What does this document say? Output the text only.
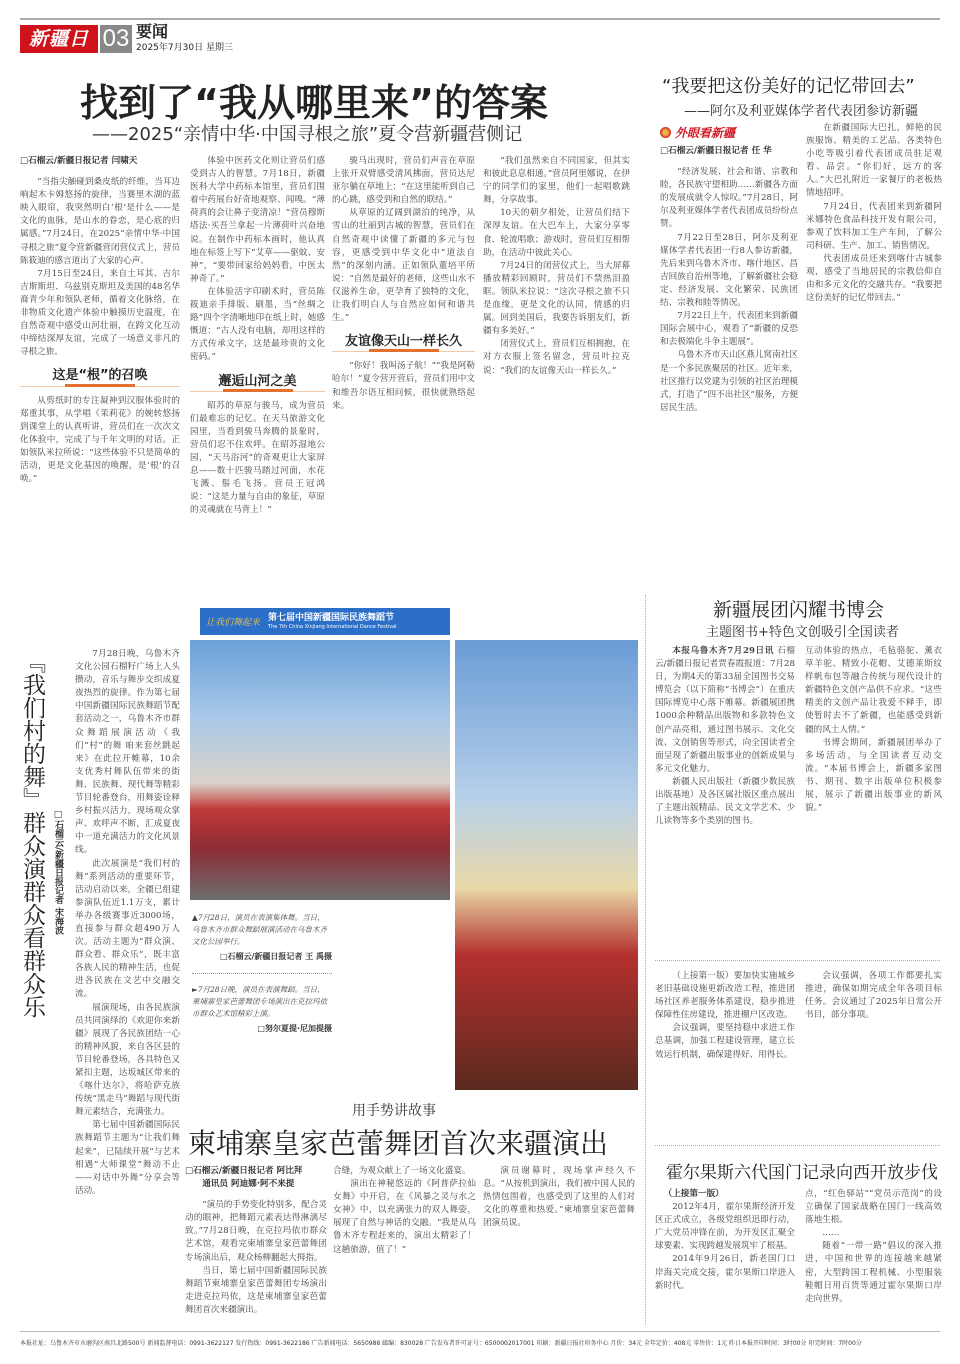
新疆日报
03 要闻
2025年7月30日 星期三
找到了“我从哪里来”的答案
——2025“亲情中华·中国寻根之旅”夏令营新疆营侧记

□石榴云/新疆日报记者 闫啸天

“当指尖触碰到桑皮纸的纤维，当耳边响起木卡姆悠扬的旋律，当赛里木湖的蓝映入眼帘，我突然明白‘根’是什么——是文化的血脉，是山水的眷恋，是心底的归属感。”7月24日，在2025“亲情中华·中国寻根之旅”夏令营新疆营闭营仪式上，营员陈筱迪的感言道出了大家的心声。

7月15日至24日，来自土耳其、吉尔吉斯斯坦、乌兹别克斯坦及美国的48名华裔青少年和领队老师，循着文化脉络，在非物质文化遗产体验中触摸历史温度，在自然奇观中感受山河壮丽，在跨文化互动中缔结深厚友谊，完成了一场意义非凡的寻根之旅。

这是“根”的召唤

从剪纸时的专注凝神到汉服体验时的郑重其事，从学唱《茉莉花》的婉转悠扬到课堂上的认真听讲，营员们在一次次文化体验中，完成了与千年文明的对话。正如领队米拉所说：“这些体验不只是简单的活动，更是文化基因的唤醒，是‘根’的召唤。”

体验中医药文化则让营员们感受到古人的智慧。7月18日，新疆医科大学中药标本馆里，营员们围着中药展台好奇地观察、闻嗅。“薄荷真的会让鼻子变清凉！”营员穆斯塔法·买吾兰拿起一片薄荷叶兴奋地说。在制作中药标本画时，他认真地在标签上写下“艾草——驱蚊、安神”，“要带回家给妈妈看，中医太神奇了。”

在体验活字印刷术时，营员陈筱迪亲手排版、刷墨，当“丝绸之路”四个字清晰地印在纸上时，她感慨道：“古人没有电脑，却用这样的方式传承文字，这是最珍贵的文化密码。”

邂逅山河之美

昭苏的草原与骏马，成为营员们最难忘的记忆。在天马旅游文化园里，当看到骏马奔腾的景象时，营员们忍不住欢呼。在昭苏湿地公园，“天马浴河”的奇观更让大家屏息——数十匹骏马踏过河面，水花飞溅、鬃毛飞扬。营员王冠鸿说：“这是力量与自由的象征，草原的灵魂就在马背上！”

骏马出现时，营员们声音在草原上张开双臂感受清风拂面，营员达尼亚尔躺在草地上：“在这里能听到自己的心跳，感受到和自然的联结。”

从草原的辽阔到湖泊的纯净，从雪山的壮丽到古城的智慧，营员们在自然奇观中读懂了新疆的多元与包容，更感受到中华文化中“道法自然”的深刻内涵。正如领队董培平所说：“自然是最好的老师，这些山水不仅滋养生命，更孕育了独特的文化，让我们明白人与自然应如何和谐共生。”

友谊像天山一样长久

“你好！我叫汤子航！”“我是阿勒哈尔！”夏令营开营后，营员们用中文和维吾尔语互相问候，很快就熟络起来。

“我们虽然来自不同国家，但其实和彼此息息相通。”营员阿里娜说，在伊宁的同学们的家里，他们一起唱歌跳舞，分享故事。

10天的朝夕相处，让营员们结下深厚友谊。在大巴车上，大家分享零食、轮流唱歌；游戏时，营员们互相帮助，在活动中彼此关心。

7月24日的闭营仪式上，当大屏幕播放精彩回顾时，营员们不禁热泪盈眶。领队米拉说：“这次寻根之旅不只是血缘，更是文化的认同，情感的归属。回到美国后，我要告诉朋友们，新疆有多美好。”

闭营仪式上，营员们互相拥抱，在对方衣服上签名留念，营员叶拉克说：“我们的友谊像天山一样长久。”

“我要把这份美好的记忆带回去”
——阿尔及利亚媒体学者代表团参访新疆
外眼看新疆

□石榴云/新疆日报记者 任 华

“经济发展、社会和谐、宗教和睦，各民族守望相助……新疆各方面的发展成就令人惊叹。”7月28日，阿尔及利亚媒体学者代表团成员纷纷点赞。

7月22日至28日，阿尔及利亚媒体学者代表团一行8人参访新疆，先后来到乌鲁木齐市、喀什地区、昌吉回族自治州等地，了解新疆社会稳定、经济发展、文化繁荣、民族团结、宗教和睦等情况。

7月22日上午，代表团来到新疆国际会展中心，观看了“新疆的反恐和去极端化斗争主题展”。

乌鲁木齐市天山区燕儿窝南社区是一个多民族聚居的社区。近年来，社区推行以党建为引领的社区治理模式，打造了“四不出社区”服务，方便居民生活。

在新疆国际大巴扎，鲜艳的民族服饰、精美的工艺品、各类特色小吃等吸引着代表团成员驻足观看、品尝。“你们好，远方的客人。”大巴扎附近一家餐厅的老板热情地招呼。

7月24日，代表团来到新疆阿米娜特色食品科技开发有限公司，参观了饮料加工生产车间，了解公司科研、生产、加工、销售情况。

代表团成员还来到喀什古城参观，感受了当地居民的宗教信仰自由和多元文化的交融共存。“我要把这份美好的记忆带回去。”

『我们村的舞』群众演群众看群众乐 □石榴云/新疆日报记者 宋海波

7月28日晚，乌鲁木齐文化公园石榴籽广场上人头攒动，音乐与舞步交织成夏夜热烈的旋律。作为第七届中国新疆国际民族舞蹈节配套活动之一，乌鲁木齐市群众舞蹈展演活动《我们“村”的舞 咱来套丝跳起来》在此拉开帷幕，10余支优秀村舞队伍带来的街舞、民族舞、现代舞等精彩节目轮番登台，用舞姿诠释乡村振兴活力，现场观众掌声、欢呼声不断，汇成夏夜中一道充满活力的文化风景线。

此次展演是“我们村的舞”系列活动的重要环节，活动启动以来，全疆已组建参演队伍近1.1万支，累计举办各级赛事近3000场，直接参与群众超490万人次。活动主题为“群众演、群众看、群众乐”，既丰富各族人民的精神生活，也促进各民族在文艺中交融交流。

展演现场，由各民族演员共同演绎的《欢迎你来新疆》展现了各民族团结一心的精神风貌，来自各区县的节目轮番登场，各具特色又紧扣主题，达坂城区带来的《喀什达尔》，将哈萨克族传统“黑走马”舞蹈与现代街舞元素结合，充满张力。

第七届中国新疆国际民族舞蹈节主题为“让我们舞起来”，已陆续开展“与艺术相遇”大师课堂“舞动不止——对话中外舞”分享会等活动。

让我们舞起来
第七届中国新疆国际民族舞蹈节
The 7th China Xinjiang International Dance Festival
▲7月28日，演员在表演集体舞。当日，乌鲁木齐市群众舞蹈展演活动在乌鲁木齐文化公园举行。
□石榴云/新疆日报记者 王 禹摄
►7月28日晚，演员在表演舞蹈。当日，柬埔寨皇家芭蕾舞团专场演出在克拉玛依市群众艺术馆精彩上演。
□努尔夏提·尼加提摄
新疆展团闪耀书博会
主题图书+特色文创吸引全国读者

本报乌鲁木齐7月29日讯 石榴云/新疆日报记者贾春霞报道：7月28日，为期4天的第33届全国图书交易博览会（以下简称“书博会”）在重庆国际博览中心落下帷幕。新疆展团携1000余种精品出版物和多款特色文创产品亮相，通过图书展示、文化交流、文创销售等形式，向全国读者全面呈现了新疆出版事业的创新成果与多元文化魅力。

新疆人民出版社（新疆少数民族出版基地）及各区属社版区重点展出了主题出版精品、民文文学艺术、少儿读物等多个类别的图书。

互动体验的热点，毛毡骆驼、薰衣草羊驼、精致小花帽、艾德莱斯纹样帆布包等融合传统与现代设计的新疆特色文创产品供不应求。“这些精美的文创产品让我爱不释手，即使暂时去不了新疆，也能感受到新疆的风土人情。”

书博会期间，新疆展团举办了多场活动，与全国读者互动交流。“本届书博会上，新疆多家图书、期刊、数字出版单位积极参展，展示了新疆出版事业的新风貌。”

（上接第一版）要加快实施城乡老旧基础设施更新改造工程，推进团场社区养老服务体系建设，稳步推进保障性住房建设，推进棚户区改造。

会议强调，要坚持稳中求进工作总基调，加强工程建设管理，建立长效运行机制，确保建得好、用得长。

会议强调，各项工作都要扎实推进，确保如期完成全年各项目标任务。会议通过了2025年日常公开书目，部分事项。

用手势讲故事
柬埔寨皇家芭蕾舞团首次来疆演出

□石榴云/新疆日报记者 阿比拜

通讯员 阿迪娜·阿不来提

“演员的手势变化特别多，配合灵动的眼神，把舞蹈元素表达得淋漓尽致。”7月28日晚，在克拉玛依市群众艺术馆，观看完柬埔寨皇家芭蕾舞团专场演出后，观众杨柳翻起大拇指。

当日，第七届中国新疆国际民族舞蹈节柬埔寨皇家芭蕾舞团专场演出走进克拉玛依，这是柬埔寨皇家芭蕾舞团首次来疆演出。

合缝，为观众献上了一场文化盛宴。

演出在神秘悠远的《阿普萨拉仙女舞》中开启，在《风暴之灵与水之女神》中，以充满张力的双人舞姿，展现了自然与神话的交融。“我是从乌鲁木齐专程赶来的，演出太精彩了！这趟旅游，值了！”

演员谢幕时，现场掌声经久不息。“从按机到演出，我们被中国人民的热情包围着，也感受到了这里的人们对文化的尊重和热爱。”柬埔寨皇家芭蕾舞团演员说。

霍尔果斯六代国门记录向西开放步伐

（上接第一版）

2012年4月，霍尔果斯经济开发区正式成立，各级党组织迅即行动，广大党员冲锋在前，为开发区汇聚全球要素、实现跨越发展筑牢了根基。

2014年9月26日，新老国门口岸海关完成交接，霍尔果斯口岸进入新时代。

点，“红色驿站”“党员示范岗”的设立确保了国家战略在国门一线高效落地生根。

……

随着“一带一路”倡议的深入推进，中国和世界的连接越来越紧密，大型跨国工程机械、小型服装鞋帽日用百货等通过霍尔果斯口岸走向世界。

本报社址：乌鲁木齐市水磨沟区南昌北路500号 新闻监督电话：0991-3622127 发行热线：0991-3622186 广告新闻电话：5650988 邮编：830028 广告发布者许可证号：6500002017001 印刷：新疆日报社印务中心 月价：34元 全年定价：408元 零售价：1元 昨日本报开印时间：3时00分 印完时间：7时00分
